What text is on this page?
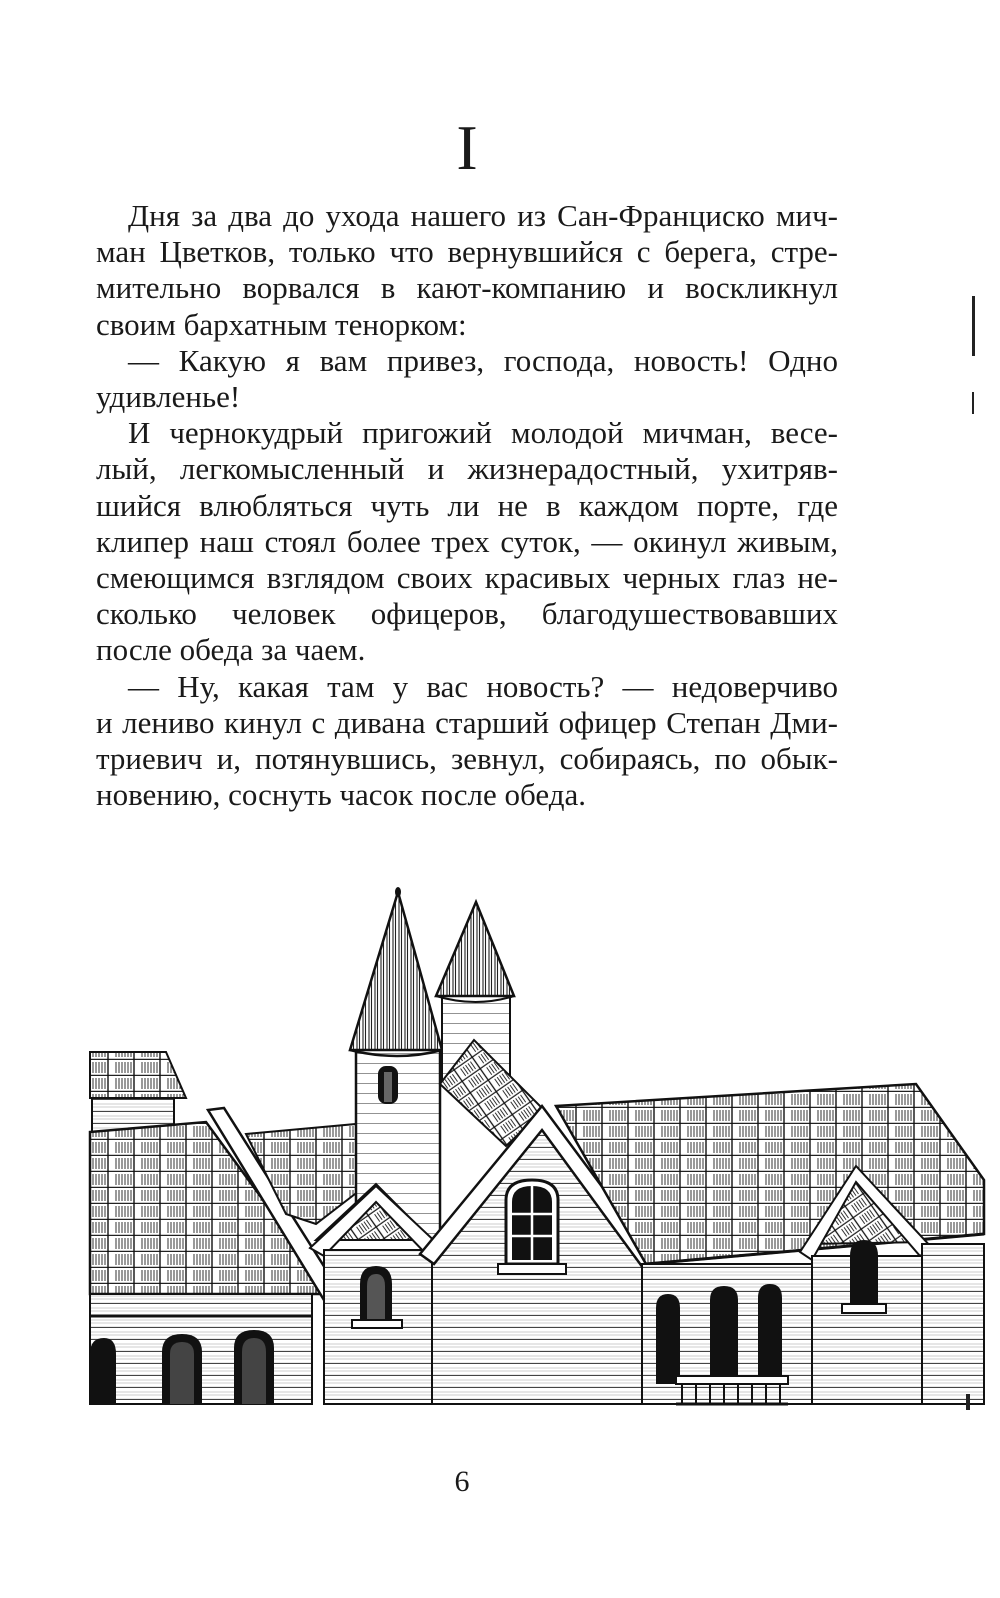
I
Дня за два до ухода нашего из Сан-Франциско мич-
ман Цветков, только что вернувшийся с берега, стре-
мительно ворвался в кают-компанию и воскликнул
своим бархатным тенорком:
— Какую я вам привез, господа, новость! Одно
удивленье!
И чернокудрый пригожий молодой мичман, весе-
лый, легкомысленный и жизнерадостный, ухитряв-
шийся влюбляться чуть ли не в каждом порте, где
клипер наш стоял более трех суток, — окинул живым,
смеющимся взглядом своих красивых черных глаз не-
сколько человек офицеров, благодушествовавших
после обеда за чаем.
— Ну, какая там у вас новость? — недоверчиво
и лениво кинул с дивана старший офицер Степан Дми-
триевич и, потянувшись, зевнул, собираясь, по обык-
новению, соснуть часок после обеда.
6
